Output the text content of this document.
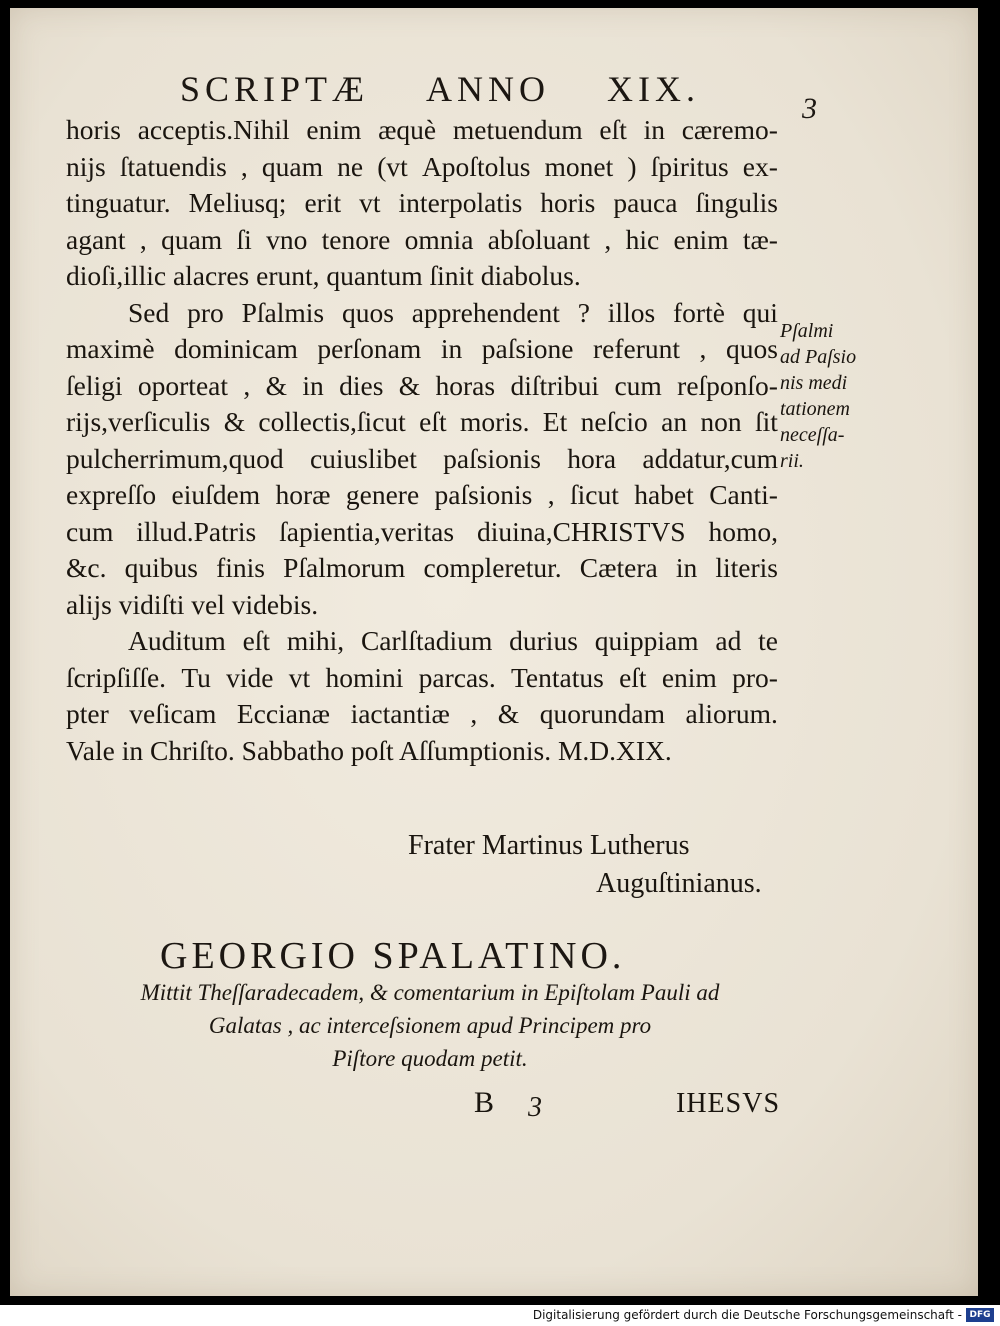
SCRIPTÆ ANNO XIX.	3
horis acceptis.Nihil enim æquè metuendum eſt in cæremo-
nijs ſtatuendis , quam ne (vt Apoſtolus monet ) ſpiritus ex-
tinguatur. Meliusq; erit vt interpolatis horis pauca ſingulis
agant , quam ſi vno tenore omnia abſoluant , hic enim tæ-
dioſi,illic alacres erunt, quantum ſinit diabolus.
Sed pro Pſalmis quos apprehendent ? illos fortè qui
maximè dominicam perſonam in paſsione referunt , quos
ſeligi oporteat , & in dies & horas diſtribui cum reſponſo-
rijs,verſiculis & collectis,ſicut eſt moris. Et neſcio an non ſit
pulcherrimum,quod cuiuslibet paſsionis hora addatur,cum
expreſſo eiuſdem horæ genere paſsionis , ſicut habet Canti-
cum illud.Patris ſapientia,veritas diuina,CHRISTVS homo,
&c. quibus finis Pſalmorum compleretur. Cætera in literis
alijs vidiſti vel videbis.
Auditum eſt mihi, Carlſtadium durius quippiam ad te
ſcripſiſſe. Tu vide vt homini parcas. Tentatus eſt enim pro-
pter veſicam Eccianæ iactantiæ , & quorundam aliorum.
Vale in Chriſto. Sabbatho poſt Aſſumptionis. M.D.XIX.
Pſalmi
ad Paſsio
nis medi
tationem
neceſſa-
rii.
Frater Martinus Lutherus
Auguſtinianus.
GEORGIO SPALATINO.
Mittit Theſſaradecadem, & comentarium in Epiſtolam Pauli ad
Galatas , ac interceſsionem apud Principem pro
Piſtore quodam petit.
B 3	IHESVS
Digitalisierung gefördert durch die Deutsche Forschungsgemeinschaft - DFG
